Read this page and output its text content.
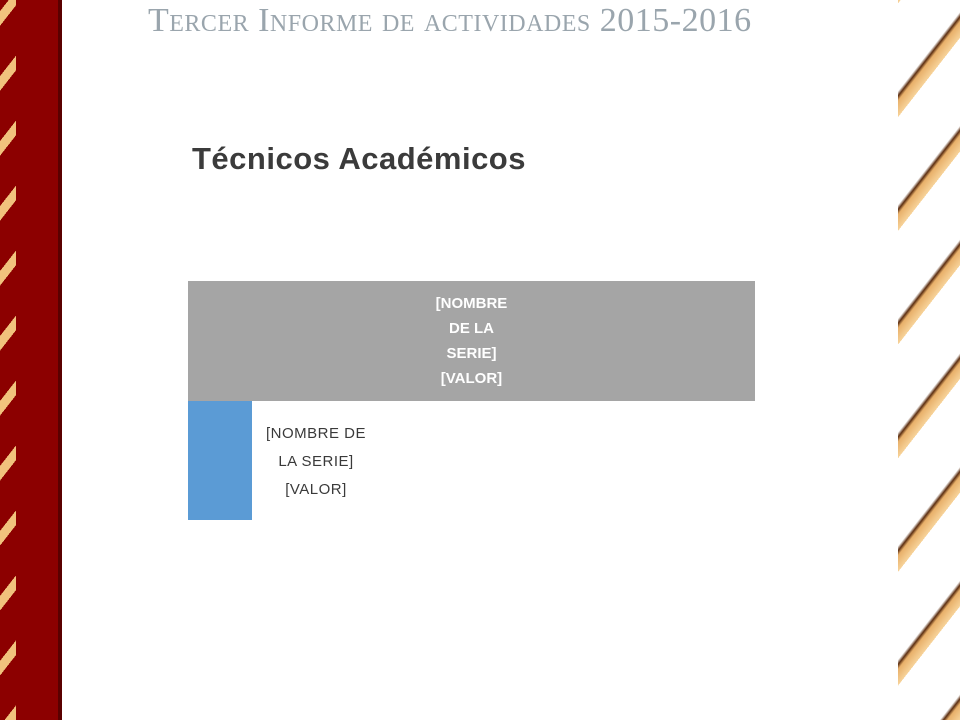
Tercer Informe de actividades 2015-2016
Técnicos Académicos
[NOMBRE
DE LA
SERIE]
[VALOR]
[NOMBRE DE
LA SERIE]
[VALOR]
